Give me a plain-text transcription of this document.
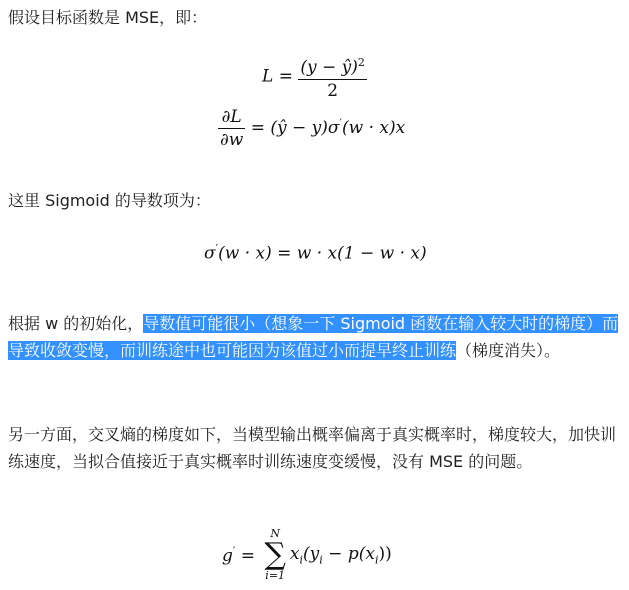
假设目标函数是 MSE，即：

$L = \frac{(y - ŷ)^2}{2}$
$\frac{\partial L}{\partial w}$ = (ŷ − y)σ′(w · x)x

这里 Sigmoid 的导数项为：

σ′(w · x) = w · x(1 − w · x)

根据 w 的初始化，导数值可能很小（想象一下 Sigmoid 函数在输入较大时的梯度）而导致收敛变慢，而训练途中也可能因为该值过小而提早终止训练（梯度消失）。

另一方面，交叉熵的梯度如下，当模型输出概率偏离于真实概率时，梯度较大，加快训练速度，当拟合值接近于真实概率时训练速度变缓慢，没有 MSE 的问题。

g′ =
N
∑
i=1
$x_i(y_i - p(x_i))$
